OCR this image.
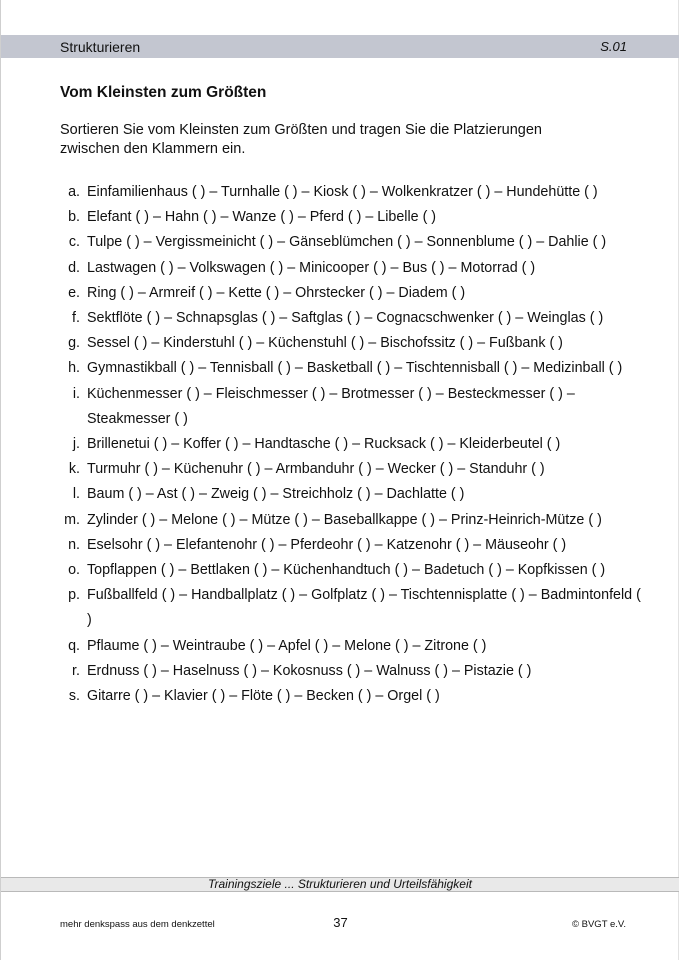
Strukturieren	S.01
Vom Kleinsten zum Größten

Sortieren Sie vom Kleinsten zum Größten und tragen Sie die Platzierungen zwischen den Klammern ein.

a. Einfamilienhaus ( ) – Turnhalle ( ) – Kiosk ( ) – Wolkenkratzer ( ) – Hundehütte ( )
b. Elefant ( ) – Hahn ( ) – Wanze ( ) – Pferd ( ) – Libelle ( )
c. Tulpe ( ) – Vergissmeinicht ( ) – Gänseblümchen ( ) – Sonnenblume ( ) – Dahlie ( )
d. Lastwagen ( ) – Volkswagen ( ) – Minicooper ( ) – Bus ( ) – Motorrad ( )
e. Ring ( ) – Armreif ( ) – Kette ( ) – Ohrstecker ( ) – Diadem ( )
f. Sektflöte ( ) – Schnapsglas ( ) – Saftglas ( ) – Cognacschwenker ( ) – Weinglas ( )
g. Sessel ( ) – Kinderstuhl ( ) – Küchenstuhl ( ) – Bischofssitz ( ) – Fußbank ( )
h. Gymnastikball ( ) – Tennisball ( ) – Basketball ( ) – Tischtennisball ( ) – Medizinball ( )
i. Küchenmesser ( ) – Fleischmesser ( ) – Brotmesser ( ) – Besteckmesser ( ) – Steakmesser ( )
j. Brillenetui ( ) – Koffer ( ) – Handtasche ( ) – Rucksack ( ) – Kleiderbeutel ( )
k. Turmuhr ( ) – Küchenuhr ( ) – Armbanduhr ( ) – Wecker ( ) – Standuhr ( )
l. Baum ( ) – Ast ( ) – Zweig ( ) – Streichholz ( ) – Dachlatte ( )
m. Zylinder ( ) – Melone ( ) – Mütze ( ) – Baseballkappe ( ) – Prinz-Heinrich-Mütze ( )
n. Eselsohr ( ) – Elefantenohr ( ) – Pferdeohr ( ) – Katzenohr ( ) – Mäuseohr ( )
o. Topflappen ( ) – Bettlaken ( ) – Küchenhandtuch ( ) – Badetuch ( ) – Kopfkissen ( )
p. Fußballfeld ( ) – Handballplatz ( ) – Golfplatz ( ) – Tischtennisplatte ( ) – Badmintonfeld ( )
q. Pflaume ( ) – Weintraube ( ) – Apfel ( ) – Melone ( ) – Zitrone ( )
r. Erdnuss ( ) – Haselnuss ( ) – Kokosnuss ( ) – Walnuss ( ) – Pistazie ( )
s. Gitarre ( ) – Klavier ( ) – Flöte ( ) – Becken ( ) – Orgel ( )
Trainingsziele ... Strukturieren und Urteilsfähigkeit
mehr denkspass aus dem denkzettel	37	© BVGT e.V.
